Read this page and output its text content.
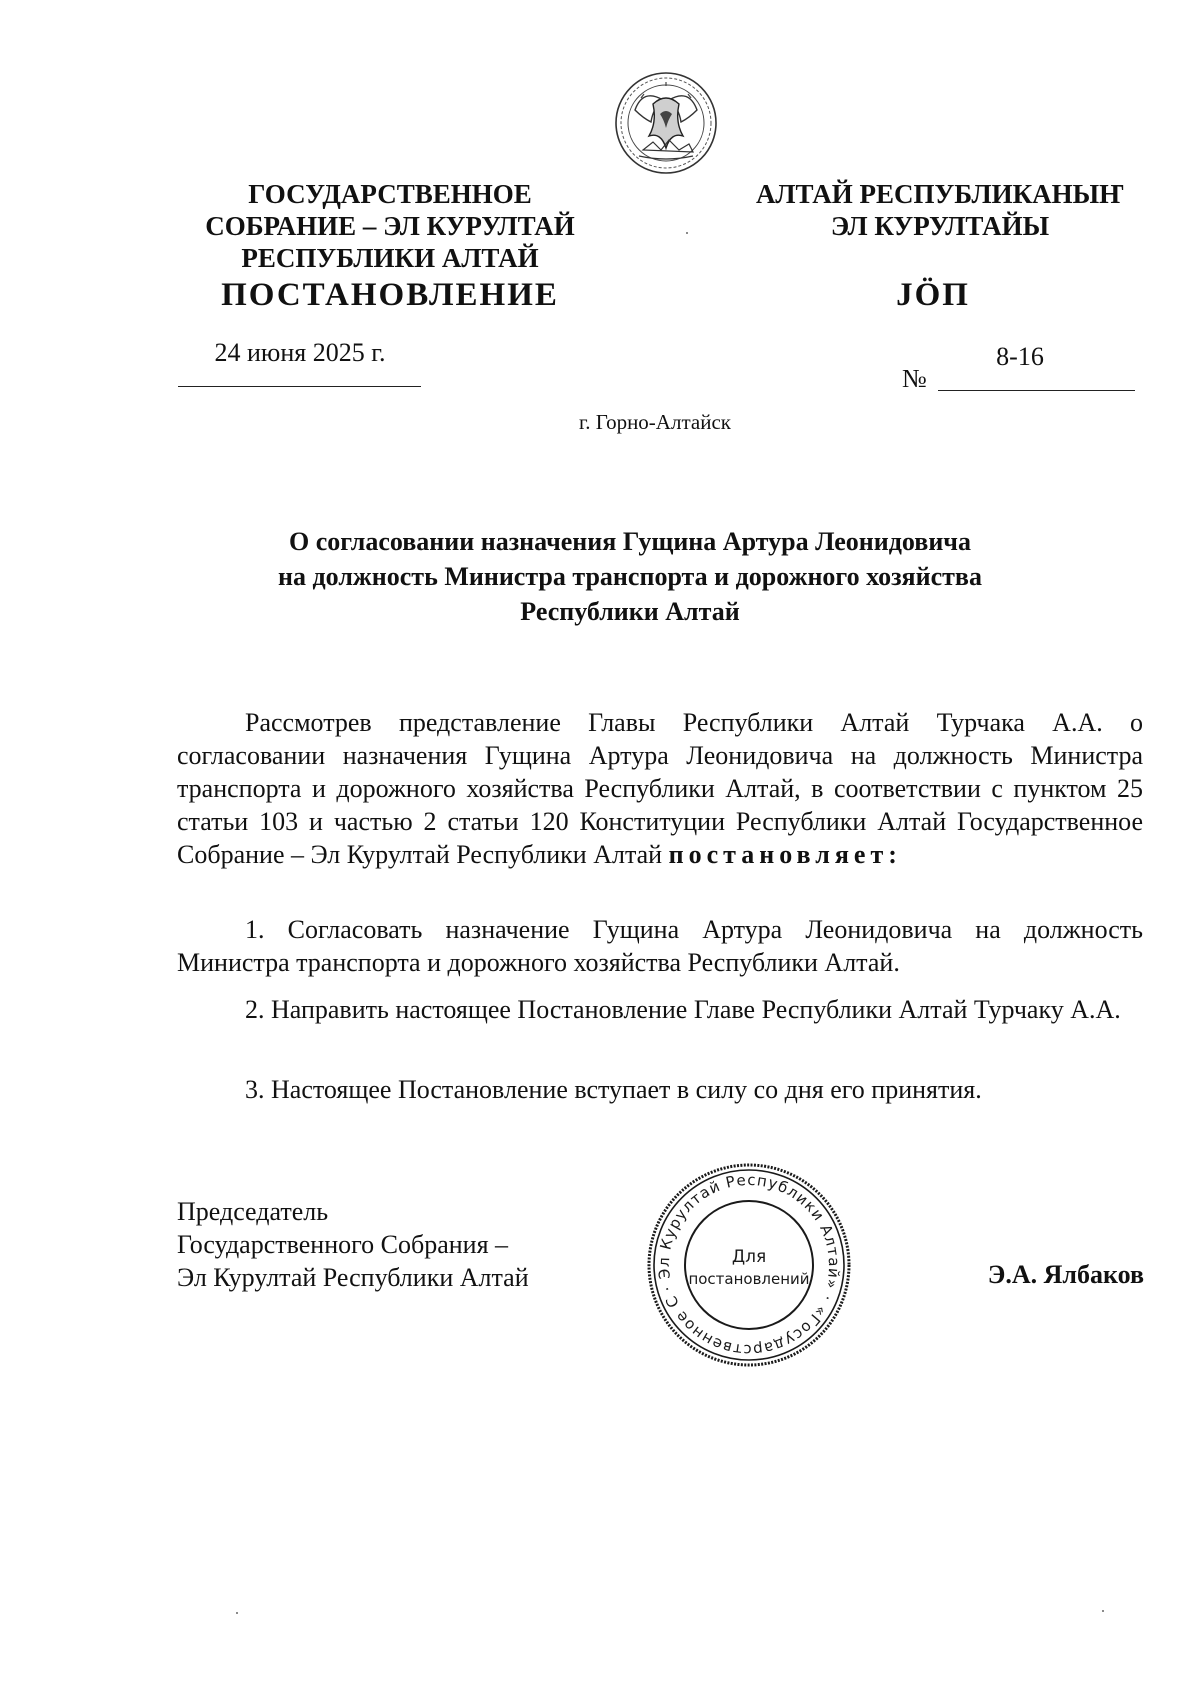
ГОСУДАРСТВЕННОЕ
СОБРАНИЕ – ЭЛ КУРУЛТАЙ
РЕСПУБЛИКИ АЛТАЙ
АЛТАЙ РЕСПУБЛИКАНЫҤ
ЭЛ КУРУЛТАЙЫ
ПОСТАНОВЛЕНИЕ	JӦП
24 июня 2025 г.
№
8-16
г. Горно-Алтайск
О согласовании назначения Гущина Артура Леонидовича
на должность Министра транспорта и дорожного хозяйства
Республики Алтай
Рассмотрев представление Главы Республики Алтай Турчака А.А. о согласовании назначения Гущина Артура Леонидовича на должность Министра транспорта и дорожного хозяйства Республики Алтай, в соответствии с пунктом 25 статьи 103 и частью 2 статьи 120 Конституции Республики Алтай Государственное Собрание – Эл Курултай Республики Алтай постановляет:
1. Согласовать назначение Гущина Артура Леонидовича на должность Министра транспорта и дорожного хозяйства Республики Алтай.
2. Направить настоящее Постановление Главе Республики Алтай Турчаку А.А.
3. Настоящее Постановление вступает в силу со дня его принятия.
Председатель
Государственного Собрания –
Эл Курултай Республики Алтай	· Эл Курултай Республики Алтай» · «Государственное Собрание
Для
постановлений	Э.А. Ялбаков
